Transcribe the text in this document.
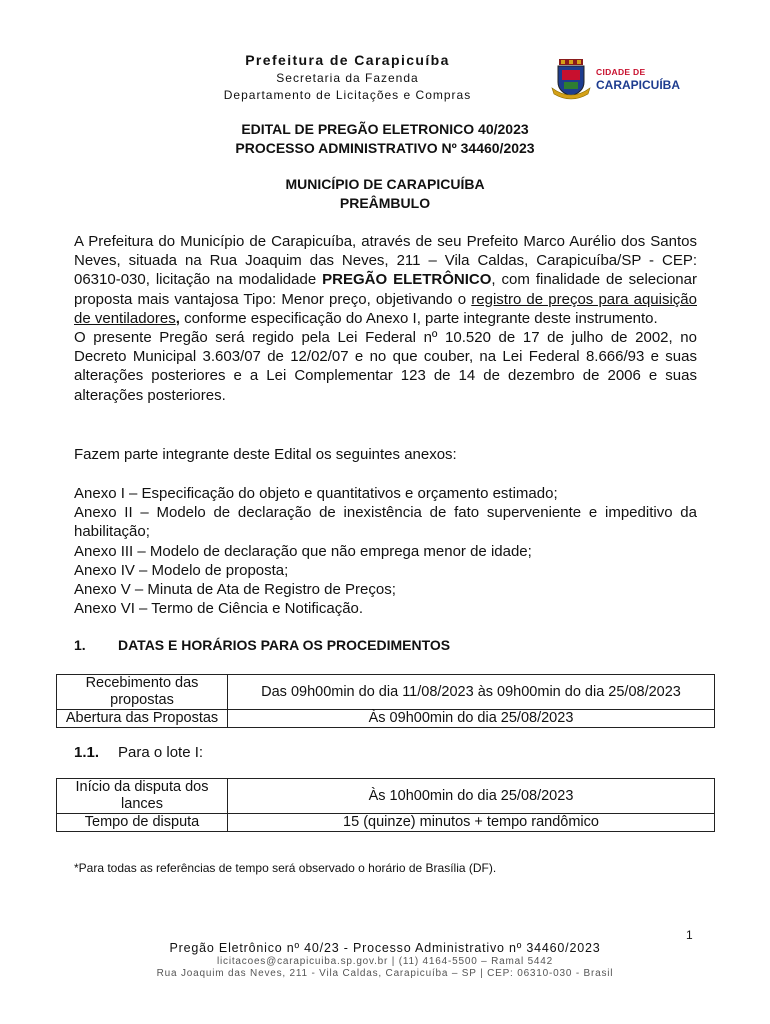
Prefeitura de Carapicuíba
Secretaria da Fazenda
Departamento de Licitações e Compras
CIDADE DE
CARAPICUÍBA
EDITAL DE PREGÃO ELETRONICO 40/2023
PROCESSO ADMINISTRATIVO Nº 34460/2023
MUNICÍPIO DE CARAPICUÍBA
PREÂMBULO

A Prefeitura do Município de Carapicuíba, através de seu Prefeito Marco Aurélio dos Santos Neves, situada na Rua Joaquim das Neves, 211 – Vila Caldas, Carapicuíba/SP - CEP: 06310-030, licitação na modalidade PREGÃO ELETRÔNICO, com finalidade de selecionar proposta mais vantajosa Tipo: Menor preço, objetivando o registro de preços para aquisição de ventiladores, conforme especificação do Anexo I, parte integrante deste instrumento.

O presente Pregão será regido pela Lei Federal nº 10.520 de 17 de julho de 2002, no Decreto Municipal 3.603/07 de 12/02/07 e no que couber, na Lei Federal 8.666/93 e suas alterações posteriores e a Lei Complementar 123 de 14 de dezembro de 2006 e suas alterações posteriores.

Fazem parte integrante deste Edital os seguintes anexos:

Anexo I – Especificação do objeto e quantitativos e orçamento estimado;

Anexo II – Modelo de declaração de inexistência de fato superveniente e impeditivo da habilitação;

Anexo III – Modelo de declaração que não emprega menor de idade;

Anexo IV – Modelo de proposta;

Anexo V – Minuta de Ata de Registro de Preços;

Anexo VI – Termo de Ciência e Notificação.

1. DATAS E HORÁRIOS PARA OS PROCEDIMENTOS
Recebimento das propostas	Das 09h00min do dia 11/08/2023 às 09h00min do dia 25/08/2023
Abertura das Propostas	Às 09h00min do dia 25/08/2023
1.1. Para o lote I:
Início da disputa dos lances	Às 10h00min do dia 25/08/2023
Tempo de disputa	15 (quinze) minutos + tempo randômico
*Para todas as referências de tempo será observado o horário de Brasília (DF).
1
Pregão Eletrônico nº 40/23 - Processo Administrativo nº 34460/2023
licitacoes@carapicuiba.sp.gov.br | (11) 4164-5500 – Ramal 5442
Rua Joaquim das Neves, 211 - Vila Caldas, Carapicuíba – SP | CEP: 06310-030 - Brasil
